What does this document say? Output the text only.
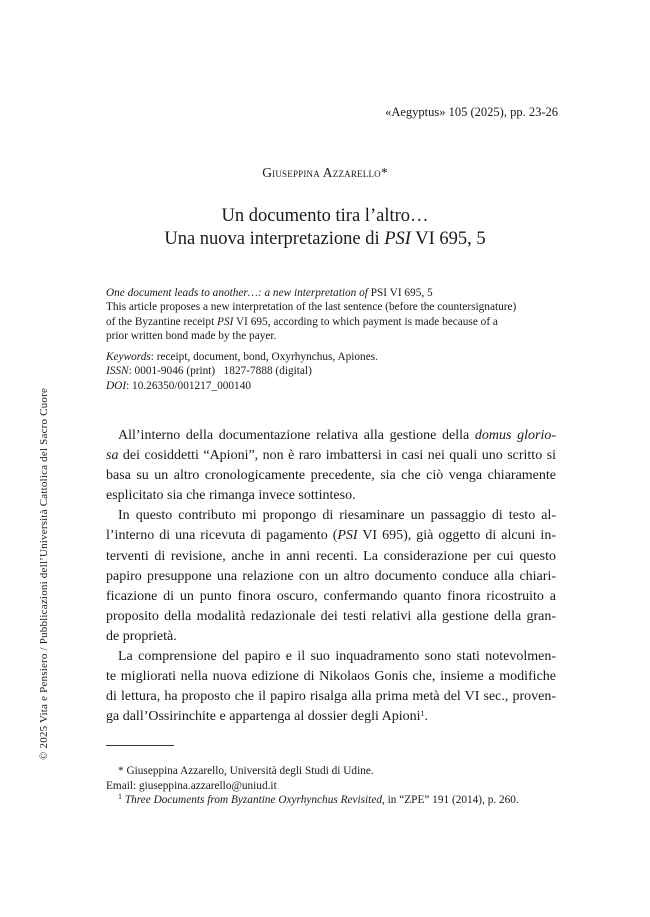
«Aegyptus» 105 (2025), pp. 23-26
Giuseppina Azzarello*
Un documento tira l’altro…
Una nuova interpretazione di PSI VI 695, 5

One document leads to another…: a new interpretation of PSI VI 695, 5

This article proposes a new interpretation of the last sentence (before the countersignature)

of the Byzantine receipt PSI VI 695, according to which payment is made because of a

prior written bond made by the payer.

Keywords: receipt, document, bond, Oxyrhynchus, Apiones.

ISSN: 0001-9046 (print)   1827-7888 (digital)

DOI: 10.26350/001217_000140

© 2025 Vita e Pensiero / Pubblicazioni dell’Università Cattolica del Sacro Cuore	All’interno della documentazione relativa alla gestione della domus glorio-
sa dei cosiddetti “Apioni”, non è raro imbattersi in casi nei quali uno scritto si
basa su un altro cronologicamente precedente, sia che ciò venga chiaramente
esplicitato sia che rimanga invece sottinteso.
In questo contributo mi propongo di riesaminare un passaggio di testo al-
l’interno di una ricevuta di pagamento (PSI VI 695), già oggetto di alcuni in-
terventi di revisione, anche in anni recenti. La considerazione per cui questo
papiro presuppone una relazione con un altro documento conduce alla chiari-
ficazione di un punto finora oscuro, confermando quanto finora ricostruito a
proposito della modalità redazionale dei testi relativi alla gestione della gran-
de proprietà.
La comprensione del papiro e il suo inquadramento sono stati notevolmen-
te migliorati nella nuova edizione di Nikolaos Gonis che, insieme a modifiche
di lettura, ha proposto che il papiro risalga alla prima metà del VI sec., proven-
ga dall’Ossirinchite e appartenga al dossier degli Apioni$^1$.

* Giuseppina Azzarello, Università degli Studi di Udine.

Email: giuseppina.azzarello@uniud.it

$^1$ Three Documents from Byzantine Oxyrhynchus Revisited, in “ZPE” 191 (2014), p. 260.
